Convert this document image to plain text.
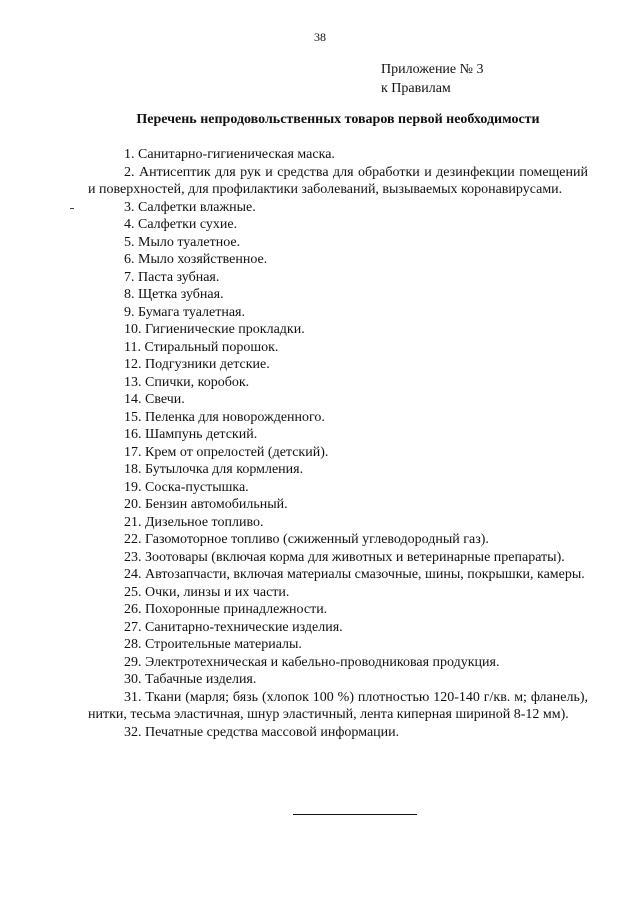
38
Приложение № 3
к Правилам
Перечень непродовольственных товаров первой необходимости
1. Санитарно-гигиеническая маска.
2. Антисептик для рук и средства для обработки и дезинфекции помещений и поверхностей, для профилактики заболеваний, вызываемых коронавирусами.
3. Салфетки влажные.
4. Салфетки сухие.
5. Мыло туалетное.
6. Мыло хозяйственное.
7. Паста зубная.
8. Щетка зубная.
9. Бумага туалетная.
10. Гигиенические прокладки.
11. Стиральный порошок.
12. Подгузники детские.
13. Спички, коробок.
14. Свечи.
15. Пеленка для новорожденного.
16. Шампунь детский.
17. Крем от опрелостей (детский).
18. Бутылочка для кормления.
19. Соска-пустышка.
20. Бензин автомобильный.
21. Дизельное топливо.
22. Газомоторное топливо (сжиженный углеводородный газ).
23. Зоотовары (включая корма для животных и ветеринарные препараты).
24. Автозапчасти, включая материалы смазочные, шины, покрышки, камеры.
25. Очки, линзы и их части.
26. Похоронные принадлежности.
27. Санитарно-технические изделия.
28. Строительные материалы.
29. Электротехническая и кабельно-проводниковая продукция.
30. Табачные изделия.
31. Ткани (марля; бязь (хлопок 100 %) плотностью 120-140 г/кв. м; фланель), нитки, тесьма эластичная, шнур эластичный, лента киперная шириной 8-12 мм).
32. Печатные средства массовой информации.
